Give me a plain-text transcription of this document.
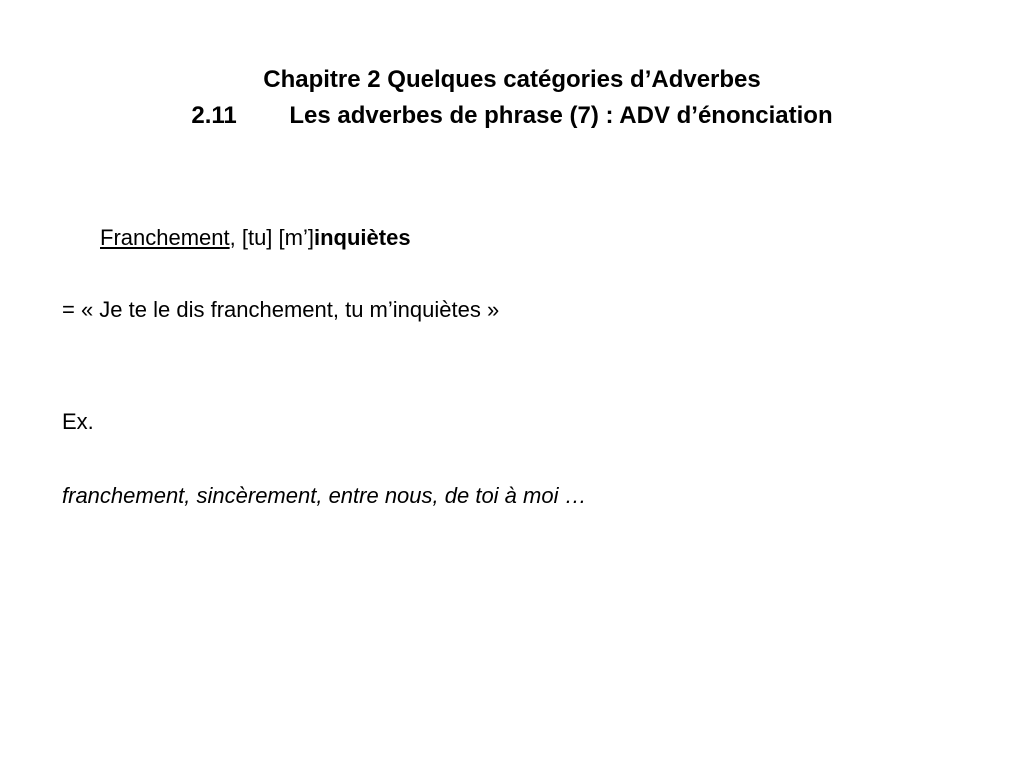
Chapitre 2 Quelques catégories d’Adverbes
2.11 Les adverbes de phrase (7) : ADV d’énonciation
Franchement, [tu] [m’]inquiètes
= « Je te le dis franchement, tu m’inquiètes »
Ex.
franchement, sincèrement, entre nous, de toi à moi …
